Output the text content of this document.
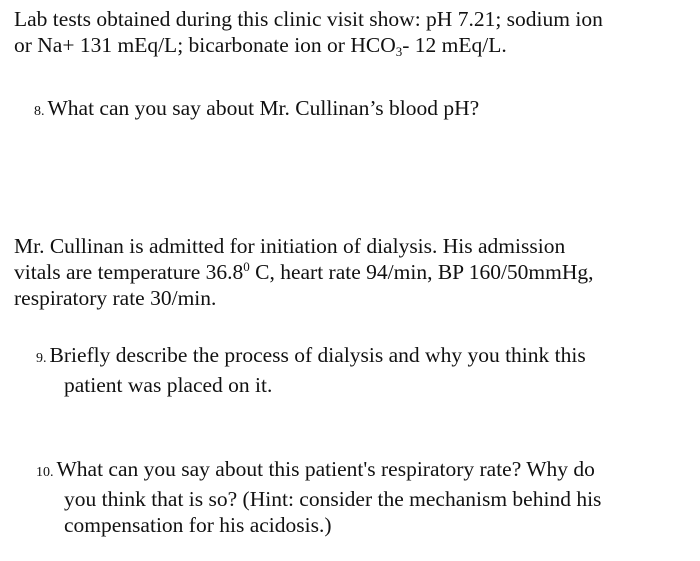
Lab tests obtained during this clinic visit show: pH 7.21; sodium ion
or Na+ 131 mEq/L; bicarbonate ion or $HCO_3-$ 12 mEq/L.

8. What can you say about Mr. Cullinan’s blood pH?

Mr. Cullinan is admitted for initiation of dialysis. His admission
vitals are temperature 36.8$^0$ C, heart rate 94/min, BP 160/50mmHg,
respiratory rate 30/min.

9. Briefly describe the process of dialysis and why you think this
patient was placed on it.

10. What can you say about this patient's respiratory rate? Why do
you think that is so? (Hint: consider the mechanism behind his
compensation for his acidosis.)
